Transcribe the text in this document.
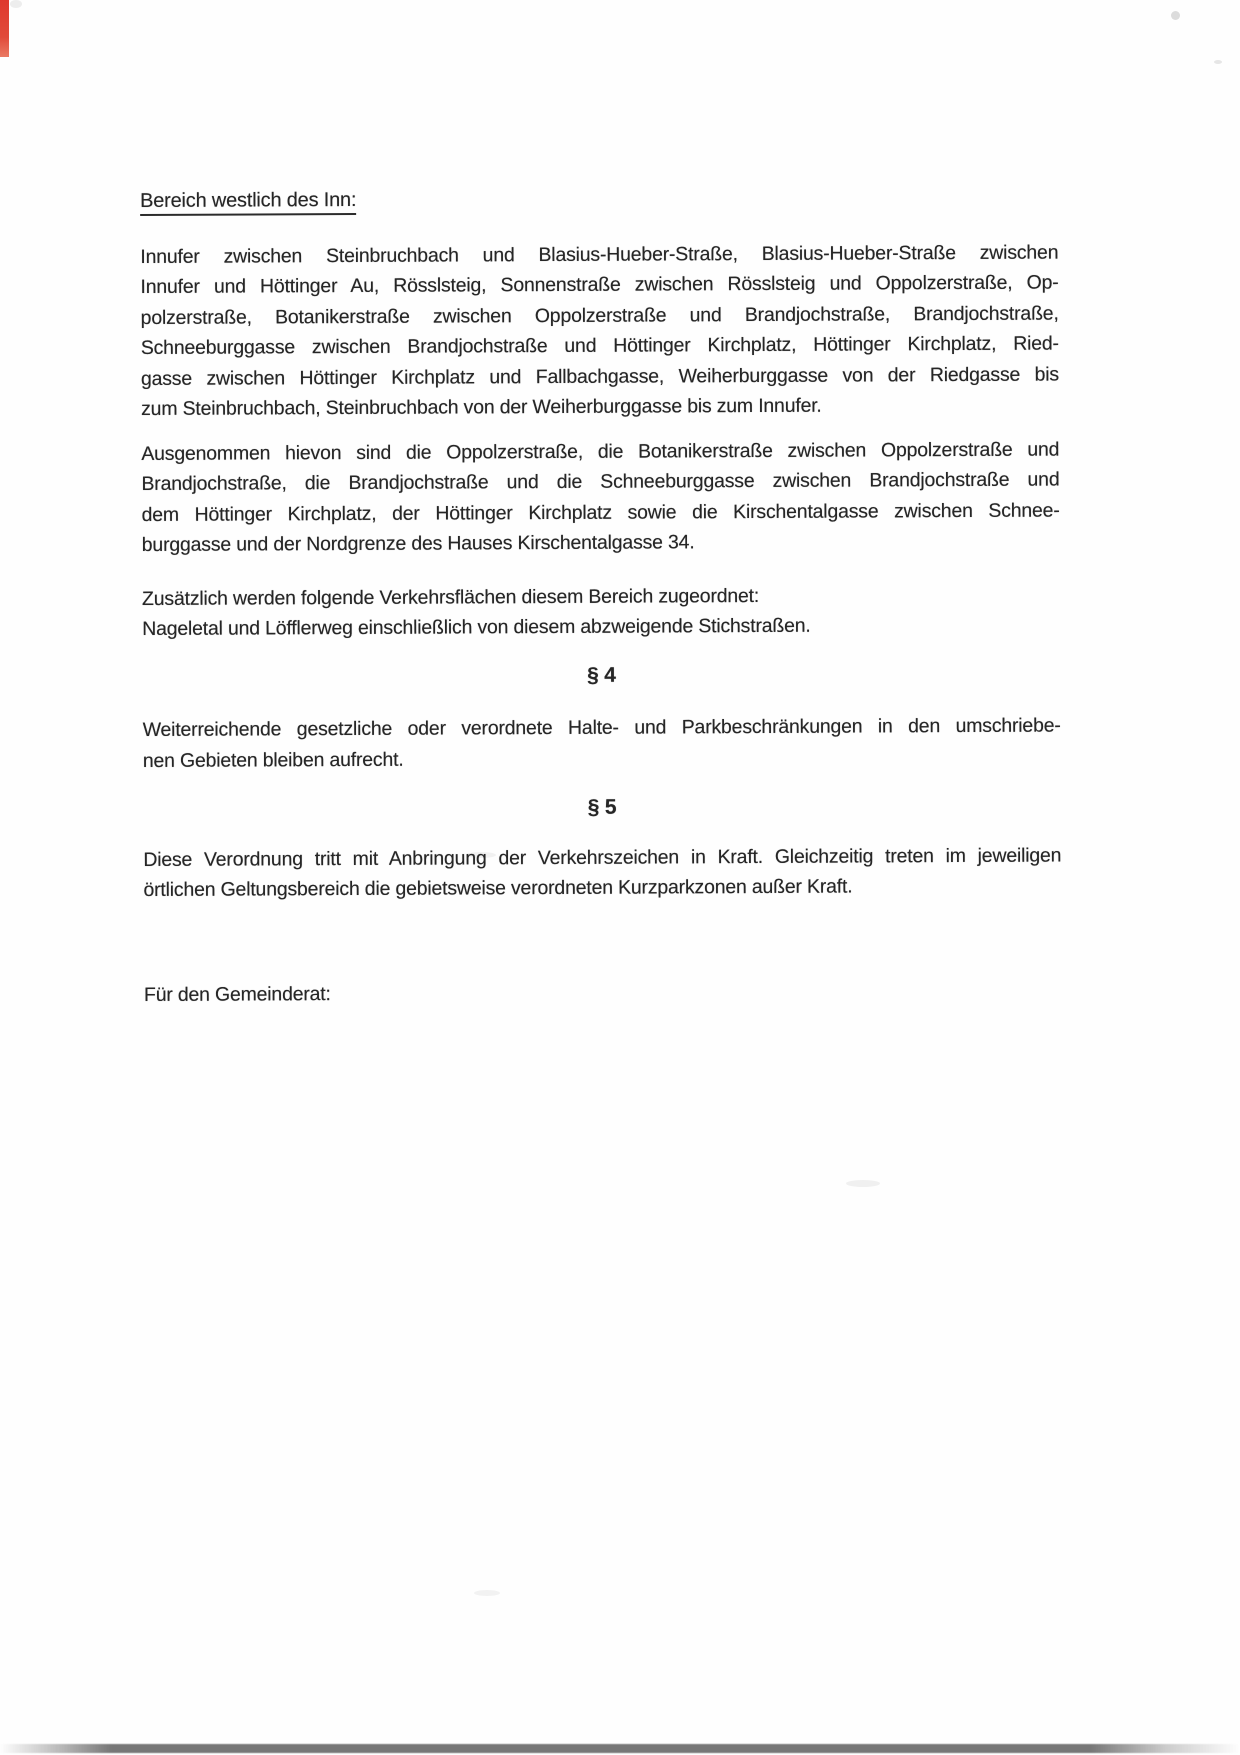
Bereich westlich des Inn:
Innufer zwischen Steinbruchbach und Blasius-Hueber-Straße, Blasius-Hueber-Straße zwischen
Innufer und Höttinger Au, Rösslsteig, Sonnenstraße zwischen Rösslsteig und Oppolzerstraße, Op-
polzerstraße, Botanikerstraße zwischen Oppolzerstraße und Brandjochstraße, Brandjochstraße,
Schneeburggasse zwischen Brandjochstraße und Höttinger Kirchplatz, Höttinger Kirchplatz, Ried-
gasse zwischen Höttinger Kirchplatz und Fallbachgasse, Weiherburggasse von der Riedgasse bis
zum Steinbruchbach, Steinbruchbach von der Weiherburggasse bis zum Innufer.
Ausgenommen hievon sind die Oppolzerstraße, die Botanikerstraße zwischen Oppolzerstraße und
Brandjochstraße, die Brandjochstraße und die Schneeburggasse zwischen Brandjochstraße und
dem Höttinger Kirchplatz, der Höttinger Kirchplatz sowie die Kirschentalgasse zwischen Schnee-
burggasse und der Nordgrenze des Hauses Kirschentalgasse 34.
Zusätzlich werden folgende Verkehrsflächen diesem Bereich zugeordnet:
Nageletal und Löfflerweg einschließlich von diesem abzweigende Stichstraßen.
§ 4
Weiterreichende gesetzliche oder verordnete Halte- und Parkbeschränkungen in den umschriebe-
nen Gebieten bleiben aufrecht.
§ 5
Diese Verordnung tritt mit Anbringung der Verkehrszeichen in Kraft. Gleichzeitig treten im jeweiligen
örtlichen Geltungsbereich die gebietsweise verordneten Kurzparkzonen außer Kraft.
Für den Gemeinderat:
